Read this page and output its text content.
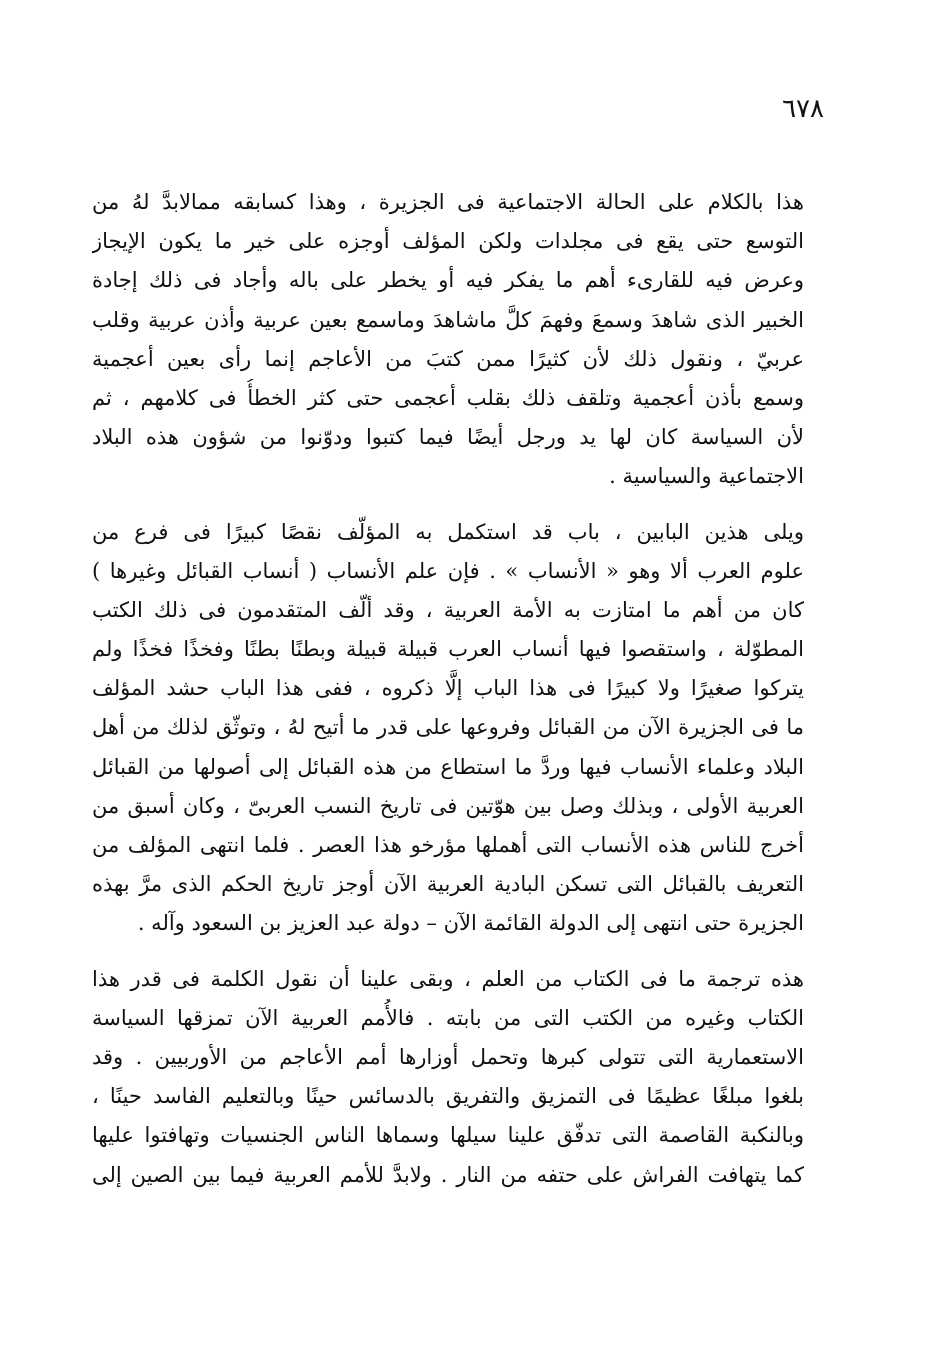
٦٧٨
هذا بالكلام على الحالة الاجتماعية فى الجزيرة ، وهذا كسابقه ممالابدَّ لهُ من
التوسع حتى يقع فى مجلدات ولكن المؤلف أوجزه على خير ما يكون الإيجاز
وعرض فيه للقارىء أهم ما يفكر فيه أو يخطر على باله وأجاد فى ذلك إجادة
الخبير الذى شاهدَ وسمعَ وفهمَ كلَّ ماشاهدَ وماسمع بعين عربية وأذن عربية وقلب
عربيّ ، ونقول ذلك لأن كثيرًا ممن كتبَ من الأعاجم إنما رأى بعين أعجمية
وسمع بأذن أعجمية وتلقف ذلك بقلب أعجمى حتى كثر الخطأُ فى كلامهم ، ثم
لأن السياسة كان لها يد ورجل أيضًا فيما كتبوا ودوّنوا من شؤون هذه البلاد
الاجتماعية والسياسية .
ويلى هذين البابين ، باب قد استكمل به المؤلّف نقصًا كبيرًا فى فرع من
علوم العرب ألا وهو « الأنساب » . فإن علم الأنساب ( أنساب القبائل وغيرها )
كان من أهم ما امتازت به الأمة العربية ، وقد ألّف المتقدمون فى ذلك الكتب
المطوّلة ، واستقصوا فيها أنساب العرب قبيلة قبيلة وبطنًا بطنًا وفخذًا فخذًا ولم
يتركوا صغيرًا ولا كبيرًا فى هذا الباب إلَّا ذكروه ، ففى هذا الباب حشد المؤلف
ما فى الجزيرة الآن من القبائل وفروعها على قدر ما أتيح لهُ ، وتوثّق لذلك من أهل
البلاد وعلماء الأنساب فيها وردَّ ما استطاع من هذه القبائل إلى أصولها من القبائل
العربية الأولى ، وبذلك وصل بين هوّتين فى تاريخ النسب العربىّ ، وكان أسبق من
أخرج للناس هذه الأنساب التى أهملها مؤرخو هذا العصر . فلما انتهى المؤلف من
التعريف بالقبائل التى تسكن البادية العربية الآن أوجز تاريخ الحكم الذى مرَّ بهذه
الجزيرة حتى انتهى إلى الدولة القائمة الآن – دولة عبد العزيز بن السعود وآله .
هذه ترجمة ما فى الكتاب من العلم ، وبقى علينا أن نقول الكلمة فى قدر هذا
الكتاب وغيره من الكتب التى من بابته . فالأُمم العربية الآن تمزقها السياسة
الاستعمارية التى تتولى كبرها وتحمل أوزارها أمم الأعاجم من الأوربيين . وقد
بلغوا مبلغًا عظيمًا فى التمزيق والتفريق بالدسائس حينًا وبالتعليم الفاسد حينًا ،
وبالنكبة القاصمة التى تدفّق علينا سيلها وسماها الناس الجنسيات وتهافتوا عليها
كما يتهافت الفراش على حتفه من النار . ولابدَّ للأمم العربية فيما بين الصين إلى
